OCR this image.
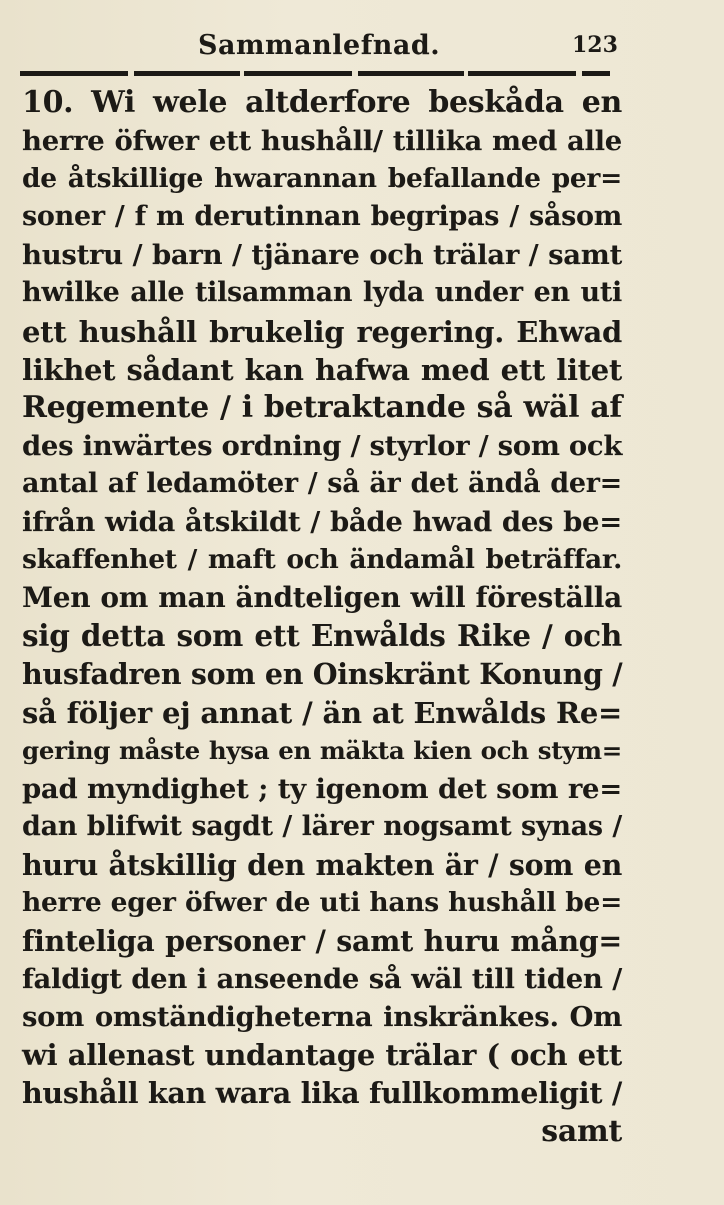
Sammanlefnad.	123
10. Wi wele altderfore beskåda en
herre öfwer ett hushåll/ tillika med alle
de åtskillige hwarannan befallande per=
soner / f m derutinnan begripas / såsom
hustru / barn / tjänare och trälar / samt
hwilke alle tilsamman lyda under en uti
ett hushåll brukelig regering. Ehwad
likhet sådant kan hafwa med ett litet
Regemente / i betraktande så wäl af
des inwärtes ordning / styrlor / som ock
antal af ledamöter / så är det ändå der=
ifrån wida åtskildt / både hwad des be=
skaffenhet / maft och ändamål beträffar.
Men om man ändteligen will föreställa
sig detta som ett Enwålds Rike / och
husfadren som en Oinskränt Konung /
så följer ej annat / än at Enwålds Re=
gering måste hysa en mäkta kien och stym=
pad myndighet ; ty igenom det som re=
dan blifwit sagdt / lärer nogsamt synas /
huru åtskillig den makten är / som en
herre eger öfwer de uti hans hushåll be=
finteliga personer / samt huru mång=
faldigt den i anseende så wäl till tiden /
som omständigheterna inskränkes. Om
wi allenast undantage trälar ( och ett
hushåll kan wara lika fullkommeligit /
samt
